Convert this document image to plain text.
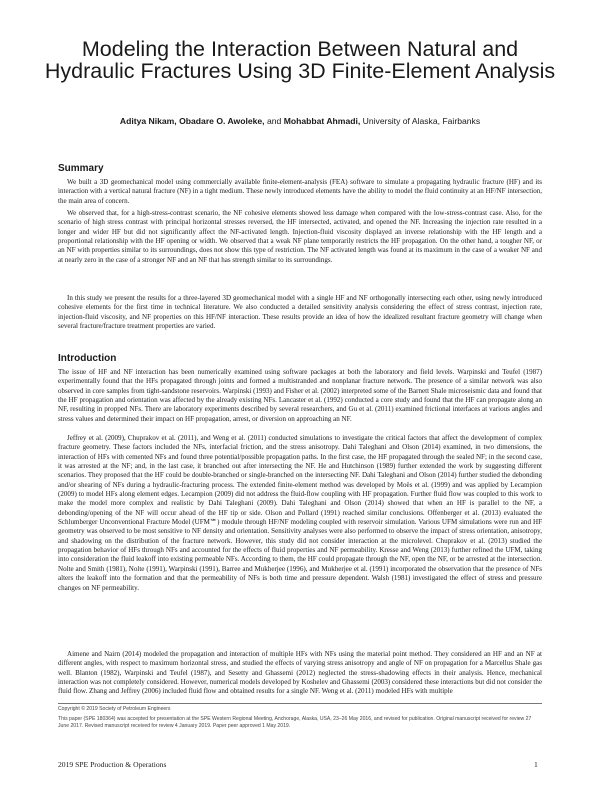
Modeling the Interaction Between Natural and Hydraulic Fractures Using 3D Finite-Element Analysis
Aditya Nikam, Obadare O. Awoleke, and Mohabbat Ahmadi, University of Alaska, Fairbanks
Summary

We built a 3D geomechanical model using commercially available finite-element-analysis (FEA) software to simulate a propagating hydraulic fracture (HF) and its interaction with a vertical natural fracture (NF) in a tight medium. These newly introduced elements have the ability to model the fluid continuity at an HF/NF intersection, the main area of concern.

We observed that, for a high-stress-contrast scenario, the NF cohesive elements showed less damage when compared with the low-stress-contrast case. Also, for the scenario of high stress contrast with principal horizontal stresses reversed, the HF intersected, activated, and opened the NF. Increasing the injection rate resulted in a longer and wider HF but did not significantly affect the NF-activated length. Injection-fluid viscosity displayed an inverse relationship with the HF length and a proportional relationship with the HF opening or width. We observed that a weak NF plane temporarily restricts the HF propagation. On the other hand, a tougher NF, or an NF with properties similar to its surroundings, does not show this type of restriction. The NF activated length was found at its maximum in the case of a weaker NF and at nearly zero in the case of a stronger NF and an NF that has strength similar to its surroundings.

In this study we present the results for a three-layered 3D geomechanical model with a single HF and NF orthogonally intersecting each other, using newly introduced cohesive elements for the first time in technical literature. We also conducted a detailed sensitivity analysis considering the effect of stress contrast, injection rate, injection-fluid viscosity, and NF properties on this HF/NF interaction. These results provide an idea of how the idealized resultant fracture geometry will change when several fracture/fracture treatment properties are varied.

Introduction

The issue of HF and NF interaction has been numerically examined using software packages at both the laboratory and field levels. Warpinski and Teufel (1987) experimentally found that the HFs propagated through joints and formed a multistranded and nonplanar fracture network. The presence of a similar network was also observed in core samples from tight-sandstone reservoirs. Warpinski (1993) and Fisher et al. (2002) interpreted some of the Barnett Shale microseismic data and found that the HF propagation and orientation was affected by the already existing NFs. Lancaster et al. (1992) conducted a core study and found that the HF can propagate along an NF, resulting in propped NFs. There are laboratory experiments described by several researchers, and Gu et al. (2011) examined frictional interfaces at various angles and stress values and determined their impact on HF propagation, arrest, or diversion on approaching an NF.

Jeffrey et al. (2009), Chuprakov et al. (2011), and Weng et al. (2011) conducted simulations to investigate the critical factors that affect the development of complex fracture geometry. These factors included the NFs, interfacial friction, and the stress anisotropy. Dahi Taleghani and Olson (2014) examined, in two dimensions, the interaction of HFs with cemented NFs and found three potential/possible propagation paths. In the first case, the HF propagated through the sealed NF; in the second case, it was arrested at the NF; and, in the last case, it branched out after intersecting the NF. He and Hutchinson (1989) further extended the work by suggesting different scenarios. They proposed that the HF could be double-branched or single-branched on the intersecting NF. Dahi Taleghani and Olson (2014) further studied the debonding and/or shearing of NFs during a hydraulic-fracturing process. The extended finite-element method was developed by Moës et al. (1999) and was applied by Lecampion (2009) to model HFs along element edges. Lecampion (2009) did not address the fluid-flow coupling with HF propagation. Further fluid flow was coupled to this work to make the model more complex and realistic by Dahi Taleghani (2009). Dahi Taleghani and Olson (2014) showed that when an HF is parallel to the NF, a debonding/opening of the NF will occur ahead of the HF tip or side. Olson and Pollard (1991) reached similar conclusions. Offenberger et al. (2013) evaluated the Schlumberger Unconventional Fracture Model (UFM℠) module through HF/NF modeling coupled with reservoir simulation. Various UFM simulations were run and HF geometry was observed to be most sensitive to NF density and orientation. Sensitivity analyses were also performed to observe the impact of stress orientation, anisotropy, and shadowing on the distribution of the fracture network. However, this study did not consider interaction at the microlevel. Chuprakov et al. (2013) studied the propagation behavior of HFs through NFs and accounted for the effects of fluid properties and NF permeability. Kresse and Weng (2013) further refined the UFM, taking into consideration the fluid leakoff into existing permeable NFs. According to them, the HF could propagate through the NF, open the NF, or be arrested at the intersection. Nolte and Smith (1981), Nolte (1991), Warpinski (1991), Barree and Mukherjee (1996), and Mukherjee et al. (1991) incorporated the observation that the presence of NFs alters the leakoff into the formation and that the permeability of NFs is both time and pressure dependent. Walsh (1981) investigated the effect of stress and pressure changes on NF permeability.

Aimene and Nairn (2014) modeled the propagation and interaction of multiple HFs with NFs using the material point method. They considered an HF and an NF at different angles, with respect to maximum horizontal stress, and studied the effects of varying stress anisotropy and angle of NF on propagation for a Marcellus Shale gas well. Blanton (1982), Warpinski and Teufel (1987), and Sesetty and Ghassemi (2012) neglected the stress-shadowing effects in their analysis. Hence, mechanical interaction was not completely considered. However, numerical models developed by Koshelev and Ghassemi (2003) considered these interactions but did not consider the fluid flow. Zhang and Jeffrey (2006) included fluid flow and obtained results for a single NF. Weng et al. (2011) modeled HFs with multiple

Copyright © 2019 Society of Petroleum Engineers

This paper (SPE 180364) was accepted for presentation at the SPE Western Regional Meeting, Anchorage, Alaska, USA, 23–26 May 2016, and revised for publication. Original manuscript received for review 27 June 2017. Revised manuscript received for review 4 January 2019. Paper peer approved 1 May 2019.

2019 SPE Production & Operations	1
